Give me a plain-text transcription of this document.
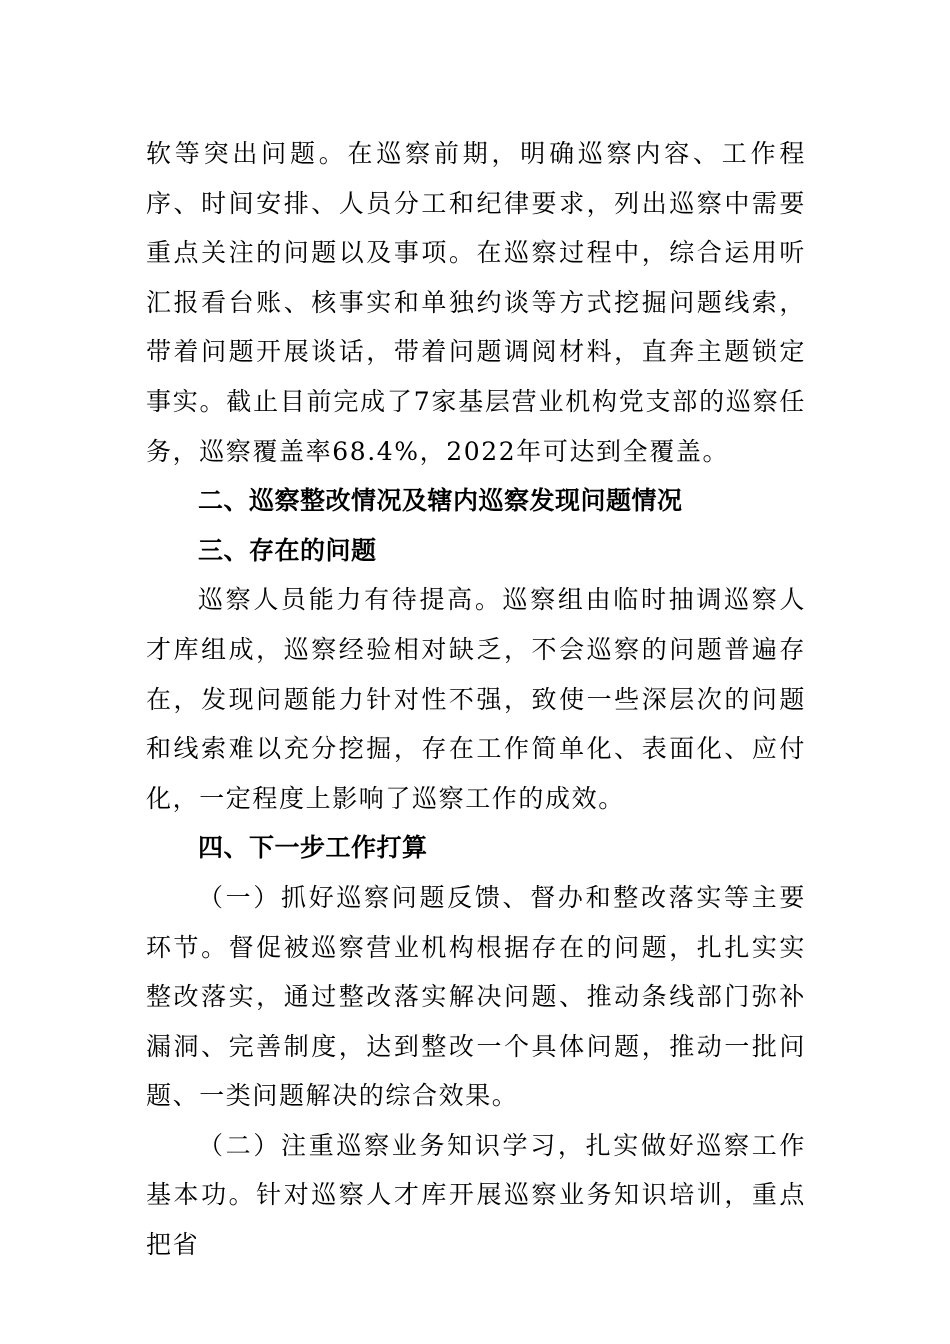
软等突出问题。在巡察前期，明确巡察内容、工作程序、时间安排、人员分工和纪律要求，列出巡察中需要重点关注的问题以及事项。在巡察过程中，综合运用听汇报看台账、核事实和单独约谈等方式挖掘问题线索，带着问题开展谈话，带着问题调阅材料，直奔主题锁定事实。截止目前完成了7家基层营业机构党支部的巡察任务，巡察覆盖率68.4%，2022年可达到全覆盖。

二、巡察整改情况及辖内巡察发现问题情况

三、存在的问题

巡察人员能力有待提高。巡察组由临时抽调巡察人才库组成，巡察经验相对缺乏，不会巡察的问题普遍存在，发现问题能力针对性不强，致使一些深层次的问题和线索难以充分挖掘，存在工作简单化、表面化、应付化，一定程度上影响了巡察工作的成效。

四、下一步工作打算

（一）抓好巡察问题反馈、督办和整改落实等主要环节。督促被巡察营业机构根据存在的问题，扎扎实实整改落实，通过整改落实解决问题、推动条线部门弥补漏洞、完善制度，达到整改一个具体问题，推动一批问题、一类问题解决的综合效果。

（二）注重巡察业务知识学习，扎实做好巡察工作基本功。针对巡察人才库开展巡察业务知识培训，重点把省
